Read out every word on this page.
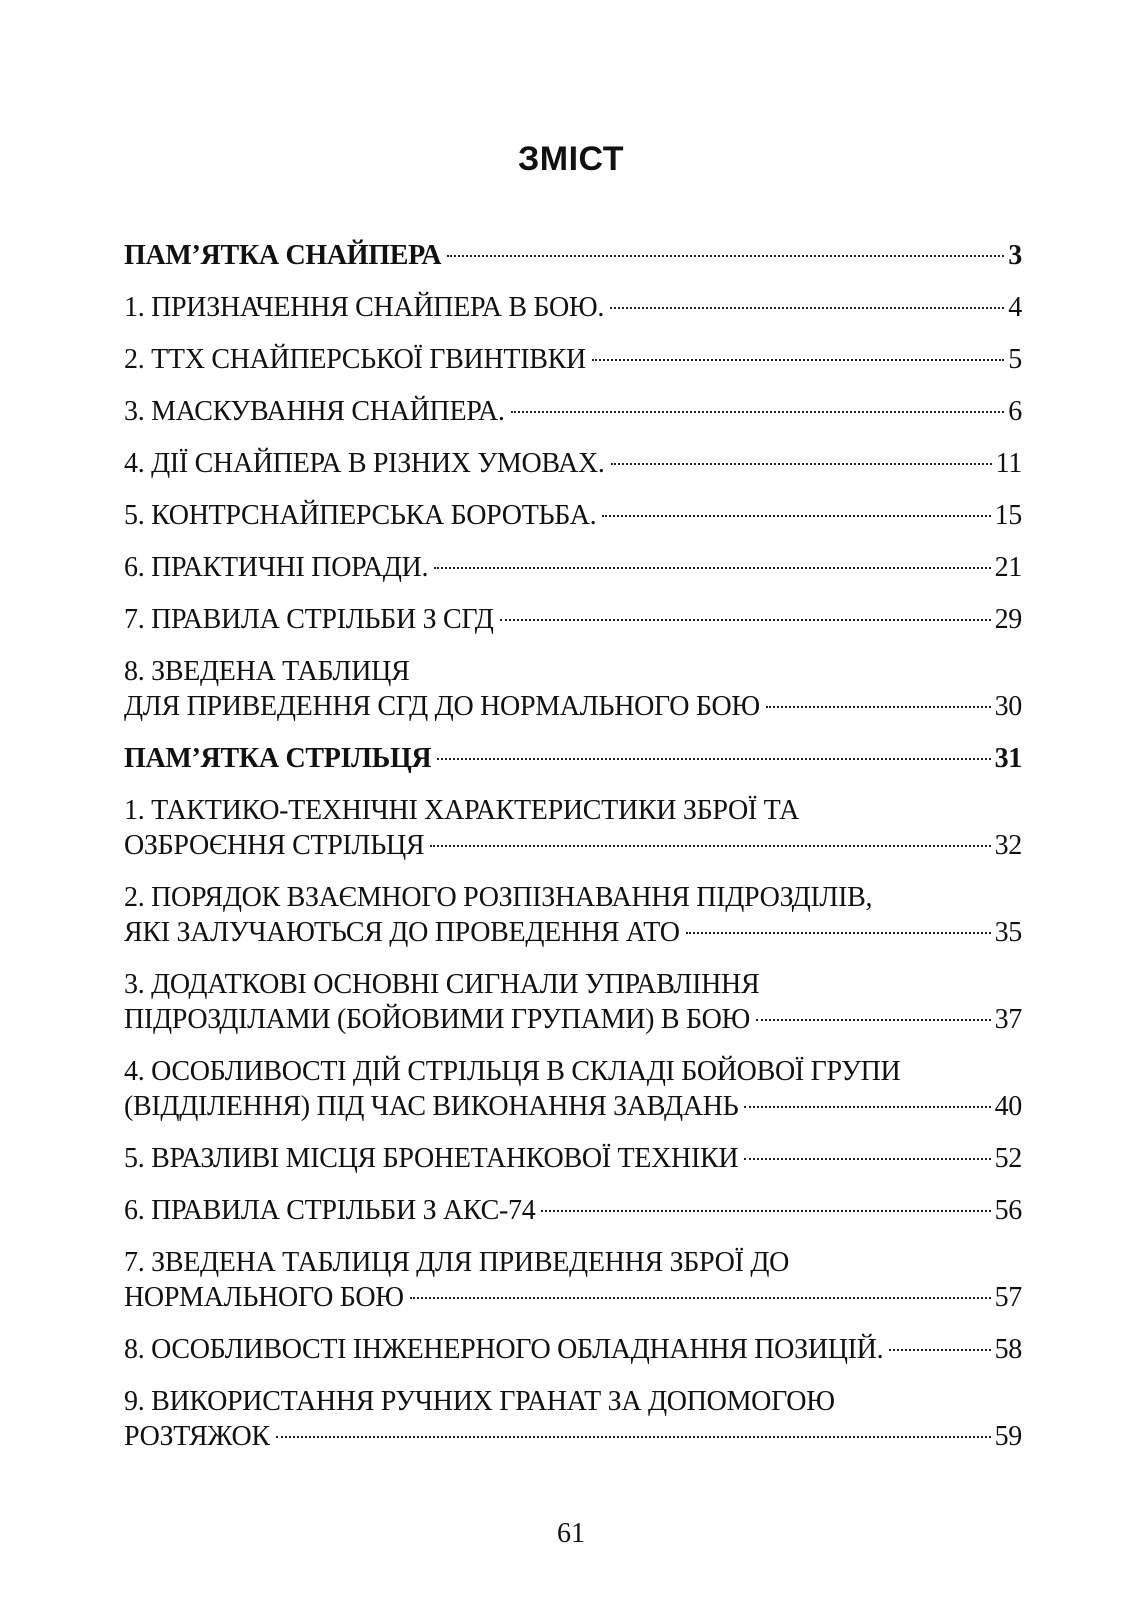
ЗМІСТ
ПАМ’ЯТКА СНАЙПЕРА	3
1. ПРИЗНАЧЕННЯ СНАЙПЕРА В БОЮ.	4
2. ТТХ СНАЙПЕРСЬКОЇ ГВИНТІВКИ	5
3. МАСКУВАННЯ СНАЙПЕРА.	6
4. ДІЇ СНАЙПЕРА В РІЗНИХ УМОВАХ.	11
5. КОНТРСНАЙПЕРСЬКА БОРОТЬБА.	15
6. ПРАКТИЧНІ ПОРАДИ.	21
7. ПРАВИЛА СТРІЛЬБИ З СГД	29
8. ЗВЕДЕНА ТАБЛИЦЯ
ДЛЯ ПРИВЕДЕННЯ СГД ДО НОРМАЛЬНОГО БОЮ	30
ПАМ’ЯТКА СТРІЛЬЦЯ	31
1. ТАКТИКО-ТЕХНІЧНІ ХАРАКТЕРИСТИКИ ЗБРОЇ ТА
ОЗБРОЄННЯ СТРІЛЬЦЯ	32
2. ПОРЯДОК ВЗАЄМНОГО РОЗПІЗНАВАННЯ ПІДРОЗДІЛІВ,
ЯКІ ЗАЛУЧАЮТЬСЯ ДО ПРОВЕДЕННЯ АТО	35
3. ДОДАТКОВІ ОСНОВНІ СИГНАЛИ УПРАВЛІННЯ
ПІДРОЗДІЛАМИ (БОЙОВИМИ ГРУПАМИ) В БОЮ	37
4. ОСОБЛИВОСТІ ДІЙ СТРІЛЬЦЯ В СКЛАДІ БОЙОВОЇ ГРУПИ
(ВІДДІЛЕННЯ) ПІД ЧАС ВИКОНАННЯ ЗАВДАНЬ	40
5. ВРАЗЛИВІ МІСЦЯ БРОНЕТАНКОВОЇ ТЕХНІКИ	52
6. ПРАВИЛА СТРІЛЬБИ З АКС-74	56
7. ЗВЕДЕНА ТАБЛИЦЯ ДЛЯ ПРИВЕДЕННЯ ЗБРОЇ ДО
НОРМАЛЬНОГО БОЮ	57
8. ОСОБЛИВОСТІ ІНЖЕНЕРНОГО ОБЛАДНАННЯ ПОЗИЦІЙ.	58
9. ВИКОРИСТАННЯ РУЧНИХ ГРАНАТ ЗА ДОПОМОГОЮ
РОЗТЯЖОК	59
61
